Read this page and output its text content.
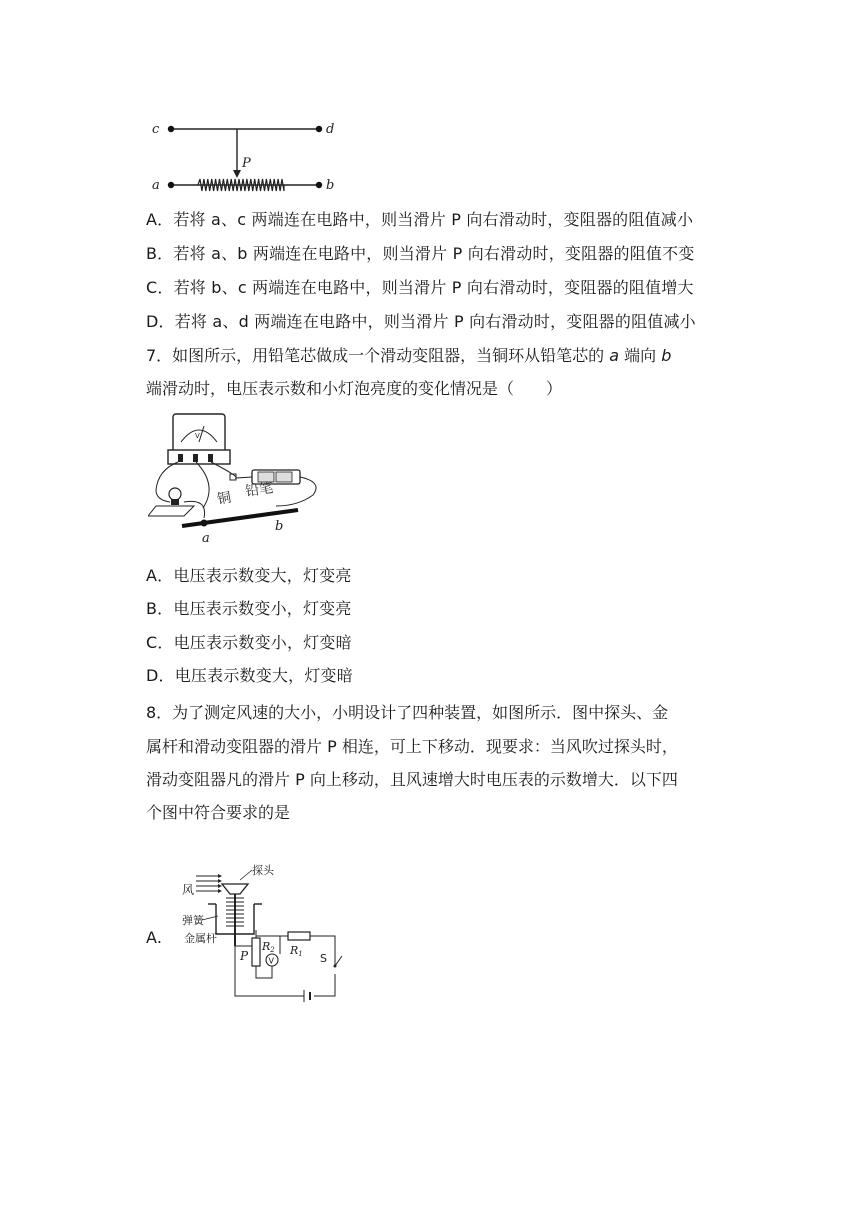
c	d
a	b
P
A．若将 a、c 两端连在电路中，则当滑片 P 向右滑动时，变阻器的阻值减小
B．若将 a、b 两端连在电路中，则当滑片 P 向右滑动时，变阻器的阻值不变
C．若将 b、c 两端连在电路中，则当滑片 P 向右滑动时，变阻器的阻值增大
D．若将 a、d 两端连在电路中，则当滑片 P 向右滑动时，变阻器的阻值减小
7．如图所示，用铅笔芯做成一个滑动变阻器，当铜环从铅笔芯的 a 端向 b
端滑动时，电压表示数和小灯泡亮度的变化情况是（　　）
V
铜 铅笔
a
b
A．电压表示数变大，灯变亮
B．电压表示数变小，灯变亮
C．电压表示数变小，灯变暗
D．电压表示数变大，灯变暗
8．为了测定风速的大小，小明设计了四种装置，如图所示．图中探头、金
属杆和滑动变阻器的滑片 P 相连，可上下移动．现要求：当风吹过探头时，
滑动变阻器凡的滑片 P 向上移动，且风速增大时电压表的示数增大．以下四
个图中符合要求的是
A.
风
探头
弹簧
金属杆
P
R2
V
R1 S
